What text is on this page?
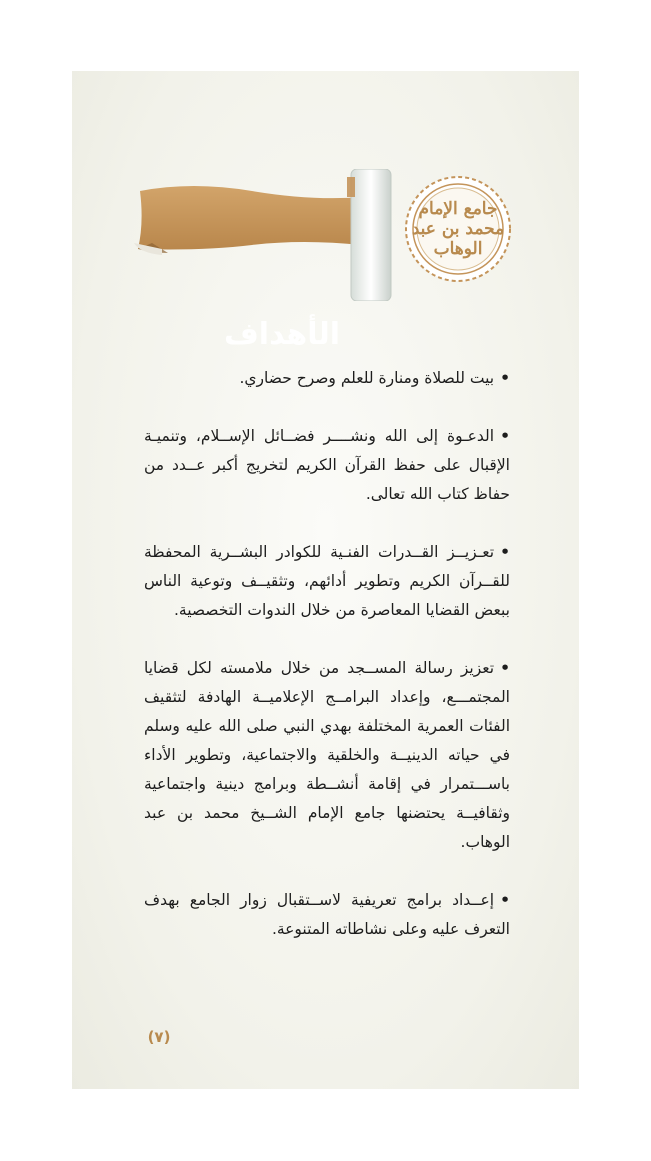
الأهداف
جامع الإمام محمد بن عبد الوهاب

•بيت للصلاة ومنارة للعلم وصرح حضاري.

•الدعـوة إلى الله ونشــــر فضــائل الإســلام، وتنميـة الإقبال على حفظ القرآن الكريم لتخريج أكبر عــدد من حفاظ كتاب الله تعالى.

•تعـزيــز القــدرات الفنـية للكوادر البشــرية المحفظة للقــرآن الكريم وتطوير أدائهم، وتثقيــف وتوعية الناس ببعض القضايا المعاصرة من خلال الندوات التخصصية.

•تعزيز رسالة المســجد من خلال ملامسته لكل قضايا المجتمـــع، وإعداد البرامــج الإعلاميــة الهادفة لتثقيف الفئات العمرية المختلفة بهدي النبي صلى الله عليه وسلم في حياته الدينيــة والخلقية والاجتماعية، وتطوير الأداء باســـتمرار في إقامة أنشــطة وبرامج دينية واجتماعية وثقافيــة يحتضنها جامع الإمام الشــيخ محمد بن عبد الوهاب.

•إعــداد برامج تعريفية لاســتقبال زوار الجامع بهدف التعرف عليه وعلى نشاطاته المتنوعة.

(٧)
